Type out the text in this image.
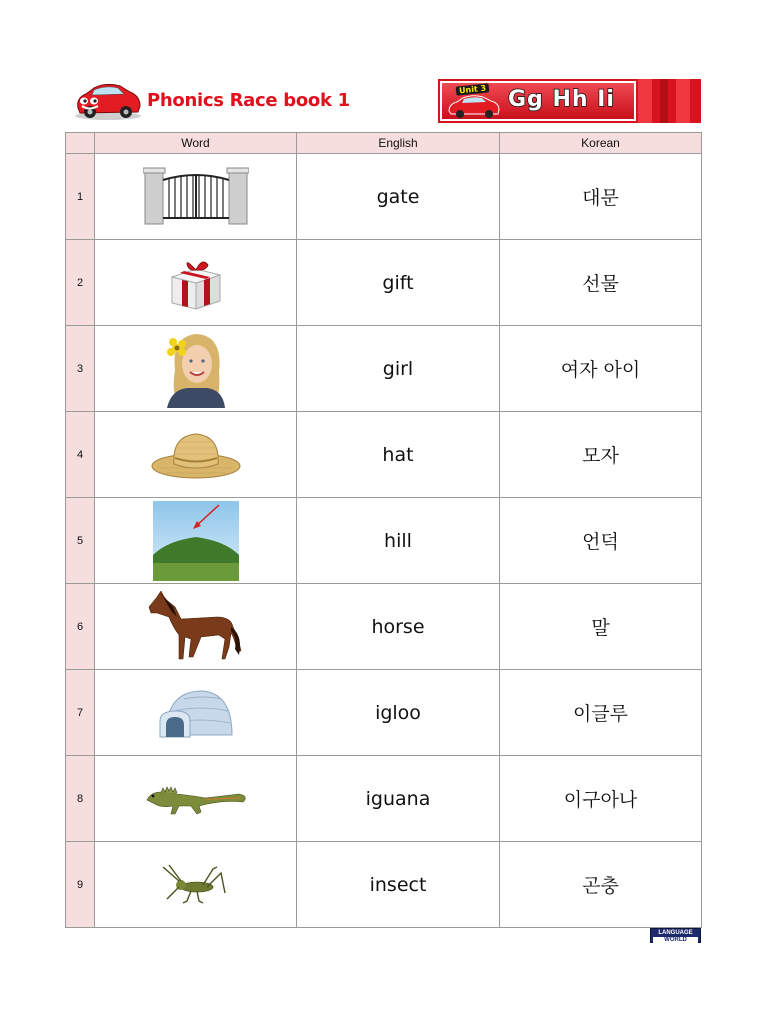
Phonics Race book 1
Unit 3 Gg Hh Ii
	Word	English	Korean
1		gate	대문
2		gift	선물
3		girl	여자 아이
4		hat	모자
5		hill	언덕
6		horse	말
7		igloo	이글루
8		iguana	이구아나
9		insect	곤충
LANGUAGE
WORLD
